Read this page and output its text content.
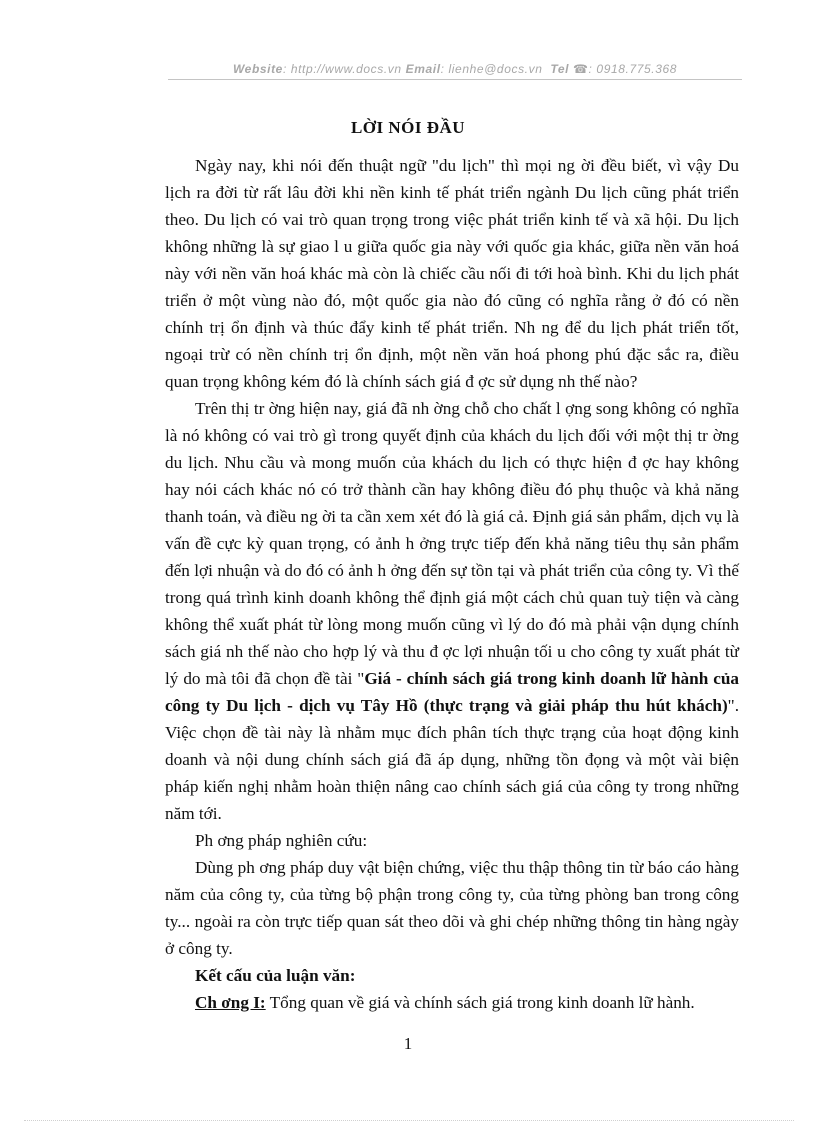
Website: http://www.docs.vn Email: lienhe@docs.vn Tel ☎: 0918.775.368
LỜI NÓI ĐẦU

Ngày nay, khi nói đến thuật ngữ "du lịch" thì mọi ng ời đều biết, vì vậy Du lịch ra đời từ rất lâu đời khi nền kinh tế phát triển ngành Du lịch cũng phát triển theo. Du lịch có vai trò quan trọng trong việc phát triển kinh tế và xã hội. Du lịch không những là sự giao l u giữa quốc gia này với quốc gia khác, giữa nền văn hoá này với nền văn hoá khác mà còn là chiếc cầu nối đi tới hoà bình. Khi du lịch phát triển ở một vùng nào đó, một quốc gia nào đó cũng có nghĩa rằng ở đó có nền chính trị ổn định và thúc đẩy kinh tế phát triển. Nh ng để du lịch phát triển tốt, ngoại trừ có nền chính trị ổn định, một nền văn hoá phong phú đặc sắc ra, điều quan trọng không kém đó là chính sách giá đ ợc sử dụng nh thế nào?

Trên thị tr ờng hiện nay, giá đã nh ờng chỗ cho chất l ợng song không có nghĩa là nó không có vai trò gì trong quyết định của khách du lịch đối với một thị tr ờng du lịch. Nhu cầu và mong muốn của khách du lịch có thực hiện đ ợc hay không hay nói cách khác nó có trở thành cần hay không điều đó phụ thuộc và khả năng thanh toán, và điều ng ời ta cần xem xét đó là giá cả. Định giá sản phẩm, dịch vụ là vấn đề cực kỳ quan trọng, có ảnh h ởng trực tiếp đến khả năng tiêu thụ sản phẩm đến lợi nhuận và do đó có ảnh h ởng đến sự tồn tại và phát triển của công ty. Vì thế trong quá trình kinh doanh không thể định giá một cách chủ quan tuỳ tiện và càng không thể xuất phát từ lòng mong muốn cũng vì lý do đó mà phải vận dụng chính sách giá nh thế nào cho hợp lý và thu đ ợc lợi nhuận tối u cho công ty xuất phát từ lý do mà tôi đã chọn đề tài "Giá - chính sách giá trong kinh doanh lữ hành của công ty Du lịch - dịch vụ Tây Hồ (thực trạng và giải pháp thu hút khách)". Việc chọn đề tài này là nhằm mục đích phân tích thực trạng của hoạt động kinh doanh và nội dung chính sách giá đã áp dụng, những tồn đọng và một vài biện pháp kiến nghị nhằm hoàn thiện nâng cao chính sách giá của công ty trong những năm tới.

Ph ơng pháp nghiên cứu:

Dùng ph ơng pháp duy vật biện chứng, việc thu thập thông tin từ báo cáo hàng năm của công ty, của từng bộ phận trong công ty, của từng phòng ban trong công ty... ngoài ra còn trực tiếp quan sát theo dõi và ghi chép những thông tin hàng ngày ở công ty.

Kết cấu của luận văn:

Ch ơng I: Tổng quan về giá và chính sách giá trong kinh doanh lữ hành.

1
